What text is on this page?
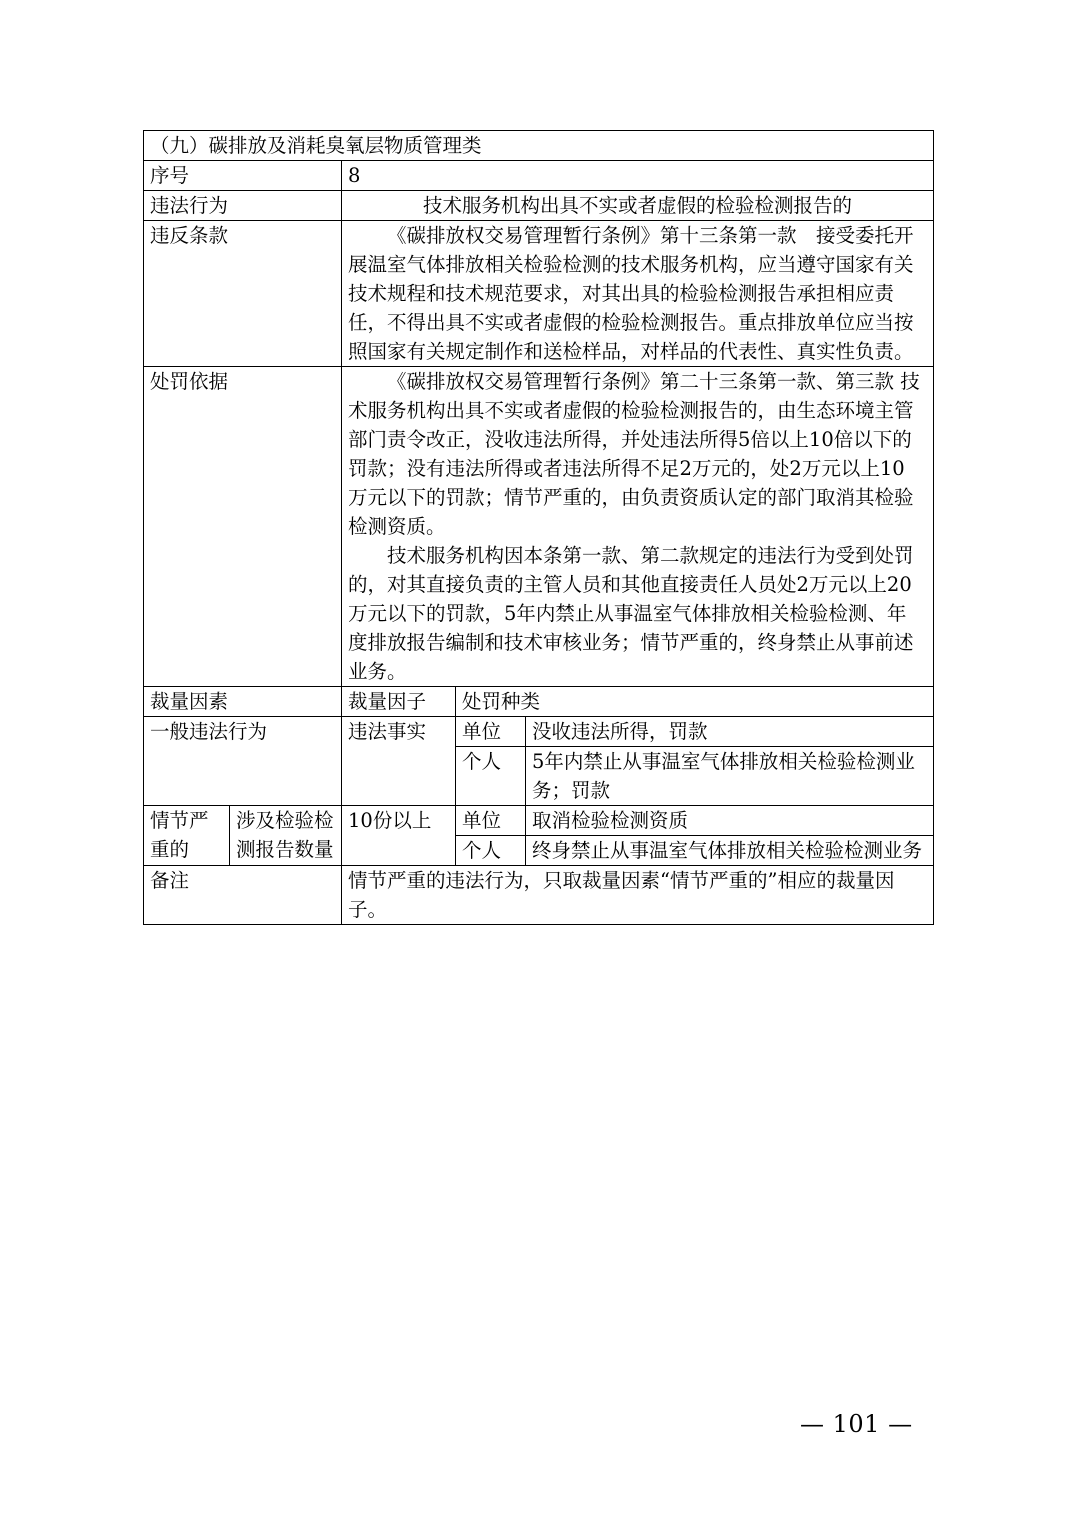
（九）碳排放及消耗臭氧层物质管理类				
序号		8		
违法行为		技术服务机构出具不实或者虚假的检验检测报告的		
违反条款		《碳排放权交易管理暂行条例》第十三条第一款　接受委托开展温室气体排放相关检验检测的技术服务机构，应当遵守国家有关技术规程和技术规范要求，对其出具的检验检测报告承担相应责任，不得出具不实或者虚假的检验检测报告。重点排放单位应当按照国家有关规定制作和送检样品，对样品的代表性、真实性负责。		

处罚依据		《碳排放权交易管理暂行条例》第二十三条第一款、第三款 技术服务机构出具不实或者虚假的检验检测报告的，由生态环境主管部门责令改正，没收违法所得，并处违法所得5倍以上10倍以下的罚款；没有违法所得或者违法所得不足2万元的，处2万元以上10万元以下的罚款；情节严重的，由负责资质认定的部门取消其检验检测资质。

技术服务机构因本条第一款、第二款规定的违法行为受到处罚的，对其直接负责的主管人员和其他直接责任人员处2万元以上20万元以下的罚款，5年内禁止从事温室气体排放相关检验检测、年度排放报告编制和技术审核业务；情节严重的，终身禁止从事前述业务。		

裁量因素		裁量因子	处罚种类	
一般违法行为		违法事实	单位	没收违法所得，罚款
			个人	5年内禁止从事温室气体排放相关检验检测业务；罚款
情节严重的	涉及检验检测报告数量	10份以上	单位	取消检验检测资质
			个人	终身禁止从事温室气体排放相关检验检测业务
备注		情节严重的违法行为，只取裁量因素“情节严重的”相应的裁量因子。		
— 101 —
